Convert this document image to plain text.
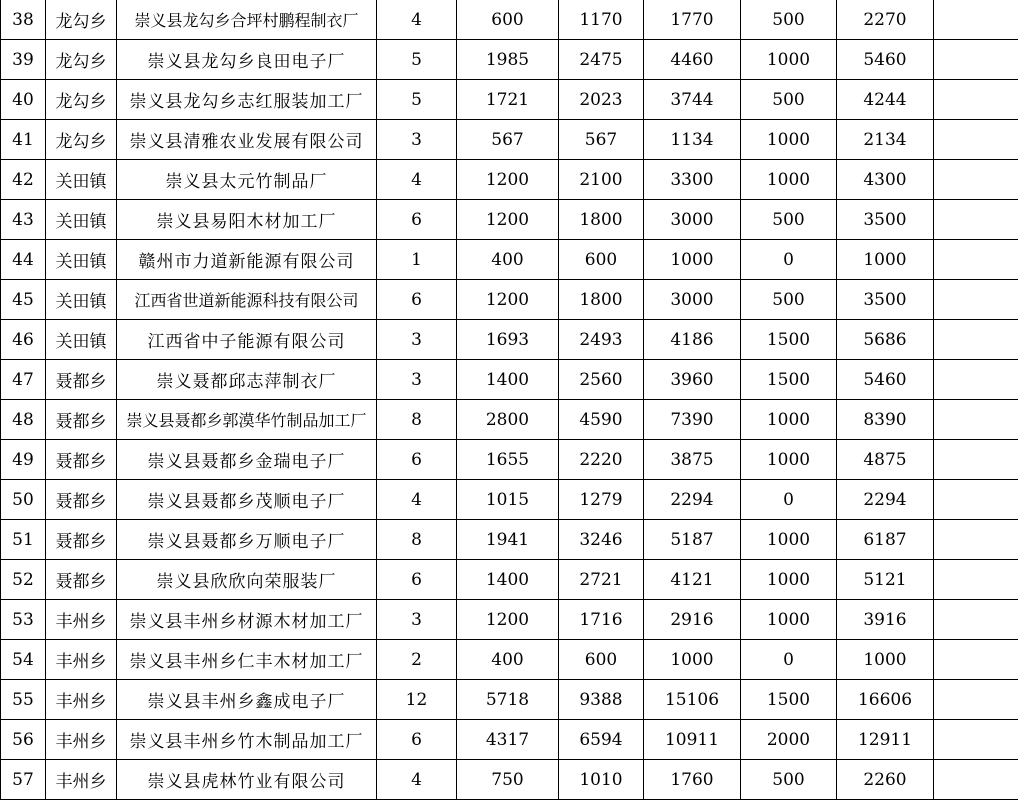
38	龙勾乡	崇义县龙勾乡合坪村鹏程制衣厂	4	600	1170	1770	500	2270	
39	龙勾乡	崇义县龙勾乡良田电子厂	5	1985	2475	4460	1000	5460	
40	龙勾乡	崇义县龙勾乡志红服装加工厂	5	1721	2023	3744	500	4244	
41	龙勾乡	崇义县清雅农业发展有限公司	3	567	567	1134	1000	2134	
42	关田镇	崇义县太元竹制品厂	4	1200	2100	3300	1000	4300	
43	关田镇	崇义县易阳木材加工厂	6	1200	1800	3000	500	3500	
44	关田镇	赣州市力道新能源有限公司	1	400	600	1000	0	1000	
45	关田镇	江西省世道新能源科技有限公司	6	1200	1800	3000	500	3500	
46	关田镇	江西省中子能源有限公司	3	1693	2493	4186	1500	5686	
47	聂都乡	崇义聂都邱志萍制衣厂	3	1400	2560	3960	1500	5460	
48	聂都乡	崇义县聂都乡郭漠华竹制品加工厂	8	2800	4590	7390	1000	8390	
49	聂都乡	崇义县聂都乡金瑞电子厂	6	1655	2220	3875	1000	4875	
50	聂都乡	崇义县聂都乡茂顺电子厂	4	1015	1279	2294	0	2294	
51	聂都乡	崇义县聂都乡万顺电子厂	8	1941	3246	5187	1000	6187	
52	聂都乡	崇义县欣欣向荣服装厂	6	1400	2721	4121	1000	5121	
53	丰州乡	崇义县丰州乡材源木材加工厂	3	1200	1716	2916	1000	3916	
54	丰州乡	崇义县丰州乡仁丰木材加工厂	2	400	600	1000	0	1000	
55	丰州乡	崇义县丰州乡鑫成电子厂	12	5718	9388	15106	1500	16606	
56	丰州乡	崇义县丰州乡竹木制品加工厂	6	4317	6594	10911	2000	12911	
57	丰州乡	崇义县虎林竹业有限公司	4	750	1010	1760	500	2260	
